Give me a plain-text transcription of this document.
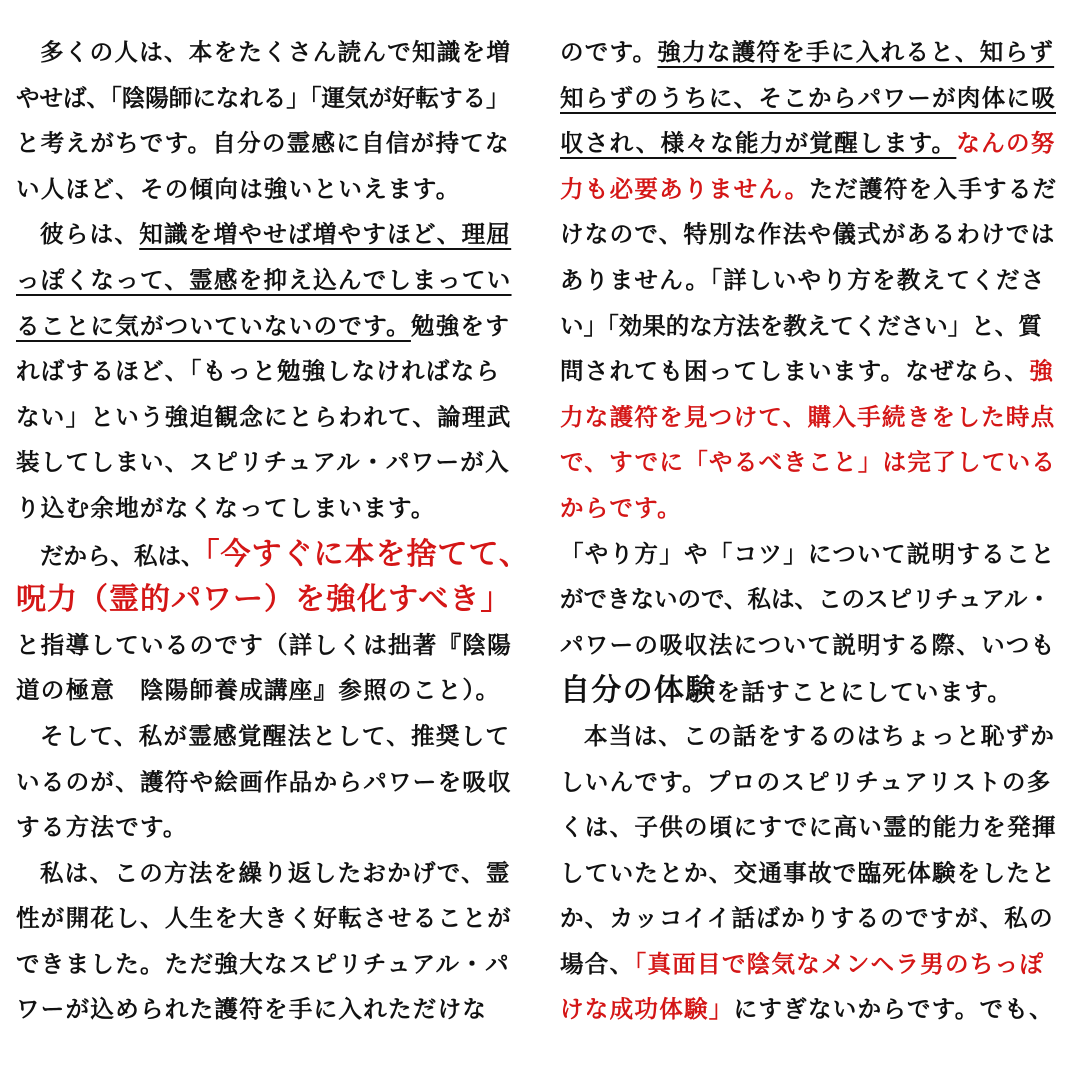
多くの人は、本をたくさん読んで知識を増
やせば、「陰陽師になれる」「運気が好転する」
と考えがちです。自分の霊感に自信が持てな
い人ほど、その傾向は強いといえます。
彼らは、知識を増やせば増やすほど、理屈
っぽくなって、霊感を抑え込んでしまってい
ることに気がついていないのです。勉強をす
ればするほど、「もっと勉強しなければなら
ない」という強迫観念にとらわれて、論理武
装してしまい、スピリチュアル・パワーが入
り込む余地がなくなってしまいます。
だから、私は、「今すぐに本を捨てて、
呪力（霊的パワー）を強化すべき」
と指導しているのです（詳しくは拙著『陰陽
道の極意　陰陽師養成講座』参照のこと）。
そして、私が霊感覚醒法として、推奨して
いるのが、護符や絵画作品からパワーを吸収
する方法です。
私は、この方法を繰り返したおかげで、霊
性が開花し、人生を大きく好転させることが
できました。ただ強大なスピリチュアル・パ
ワーが込められた護符を手に入れただけな
のです。強力な護符を手に入れると、知らず
知らずのうちに、そこからパワーが肉体に吸
収され、様々な能力が覚醒します。なんの努
力も必要ありません。ただ護符を入手するだ
けなので、特別な作法や儀式があるわけでは
ありません。「詳しいやり方を教えてくださ
い」「効果的な方法を教えてください」と、質
問されても困ってしまいます。なぜなら、強
力な護符を見つけて、購入手続きをした時点
で、すでに「やるべきこと」は完了している
からです。
「やり方」や「コツ」について説明すること
ができないので、私は、このスピリチュアル・
パワーの吸収法について説明する際、いつも
自分の体験を話すことにしています。
本当は、この話をするのはちょっと恥ずか
しいんです。プロのスピリチュアリストの多
くは、子供の頃にすでに高い霊的能力を発揮
していたとか、交通事故で臨死体験をしたと
か、カッコイイ話ばかりするのですが、私の
場合、「真面目で陰気なメンヘラ男のちっぽ
けな成功体験」にすぎないからです。でも、
